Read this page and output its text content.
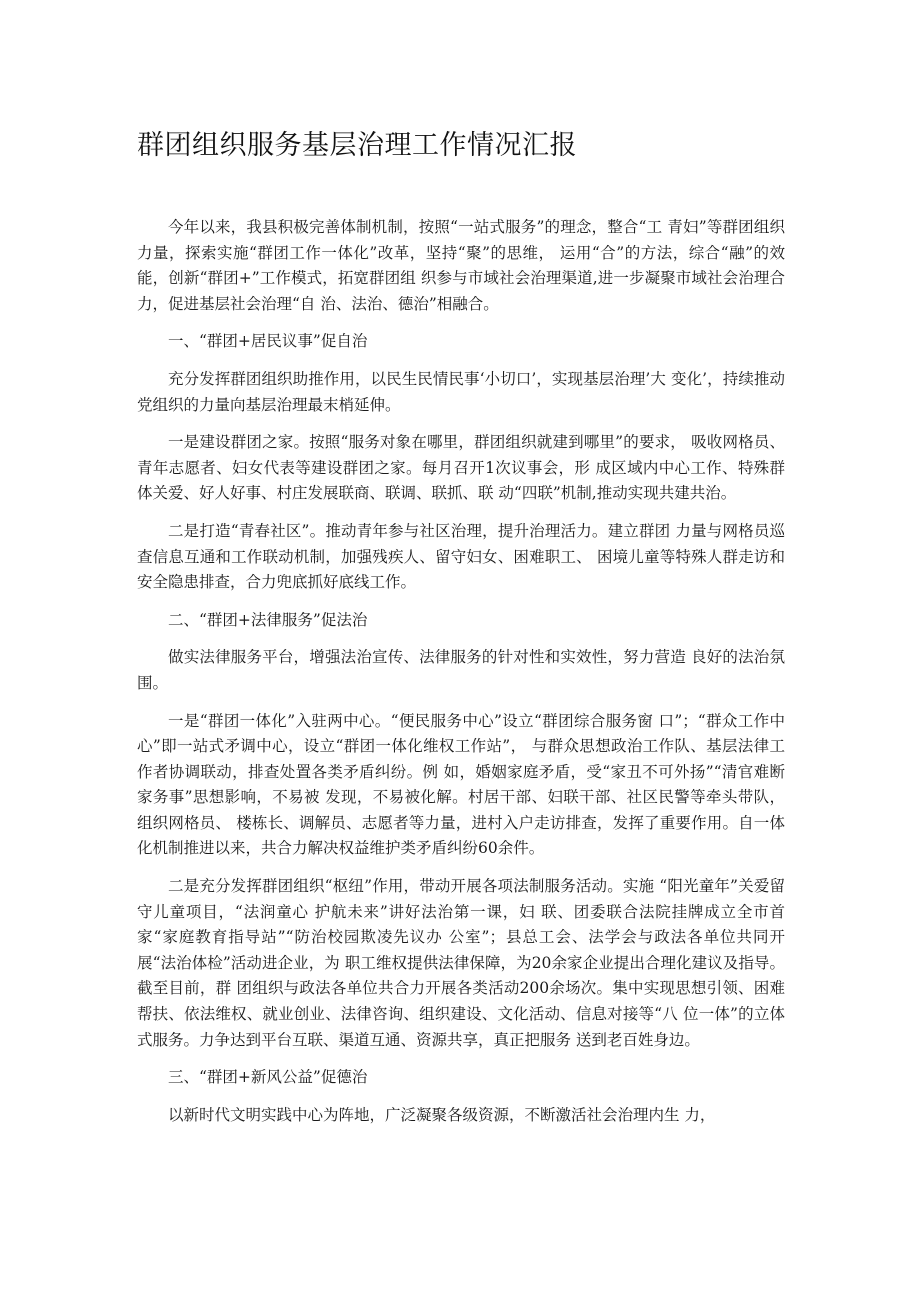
群团组织服务基层治理工作情况汇报

今年以来，我县积极完善体制机制，按照“一站式服务”的理念，整合“工 青妇”等群团组织力量，探索实施“群团工作一体化”改革，坚持“聚”的思维， 运用“合”的方法，综合“融”的效能，创新“群团+”工作模式，拓宽群团组 织参与市域社会治理渠道,进一步凝聚市域社会治理合力，促进基层社会治理“自 治、法治、德治”相融合。

一、“群团+居民议事”促自治

充分发挥群团组织助推作用，以民生民情民事‘小切口’，实现基层治理’大 变化’，持续推动党组织的力量向基层治理最末梢延伸。

一是建设群团之家。按照“服务对象在哪里，群团组织就建到哪里”的要求， 吸收网格员、青年志愿者、妇女代表等建设群团之家。每月召开1次议事会，形 成区域内中心工作、特殊群体关爱、好人好事、村庄发展联商、联调、联抓、联 动“四联”机制,推动实现共建共治。

二是打造“青春社区”。推动青年参与社区治理，提升治理活力。建立群团 力量与网格员巡查信息互通和工作联动机制，加强残疾人、留守妇女、困难职工、 困境儿童等特殊人群走访和安全隐患排查，合力兜底抓好底线工作。

二、“群团+法律服务”促法治

做实法律服务平台，增强法治宣传、法律服务的针对性和实效性，努力营造 良好的法治氛围。

一是“群团一体化”入驻两中心。“便民服务中心”设立“群团综合服务窗 口”；“群众工作中心”即一站式矛调中心，设立“群团一体化维权工作站”， 与群众思想政治工作队、基层法律工作者协调联动，排查处置各类矛盾纠纷。例 如，婚姻家庭矛盾，受“家丑不可外扬”“清官难断家务事”思想影响，不易被 发现，不易被化解。村居干部、妇联干部、社区民警等牵头带队，组织网格员、 楼栋长、调解员、志愿者等力量，进村入户走访排查，发挥了重要作用。自一体 化机制推进以来，共合力解决权益维护类矛盾纠纷60余件。

二是充分发挥群团组织“枢纽”作用，带动开展各项法制服务活动。实施 “阳光童年”关爱留守儿童项目，“法润童心 护航未来”讲好法治第一课，妇 联、团委联合法院挂牌成立全市首家“家庭教育指导站”“防治校园欺凌先议办 公室”；县总工会、法学会与政法各单位共同开展“法治体检”活动进企业，为 职工维权提供法律保障，为20余家企业提出合理化建议及指导。截至目前，群 团组织与政法各单位共合力开展各类活动200余场次。集中实现思想引领、困难 帮扶、依法维权、就业创业、法律咨询、组织建设、文化活动、信息对接等“八 位一体”的立体式服务。力争达到平台互联、渠道互通、资源共享，真正把服务 送到老百姓身边。

三、“群团+新风公益”促德治

以新时代文明实践中心为阵地，广泛凝聚各级资源，不断激活社会治理内生 力，
